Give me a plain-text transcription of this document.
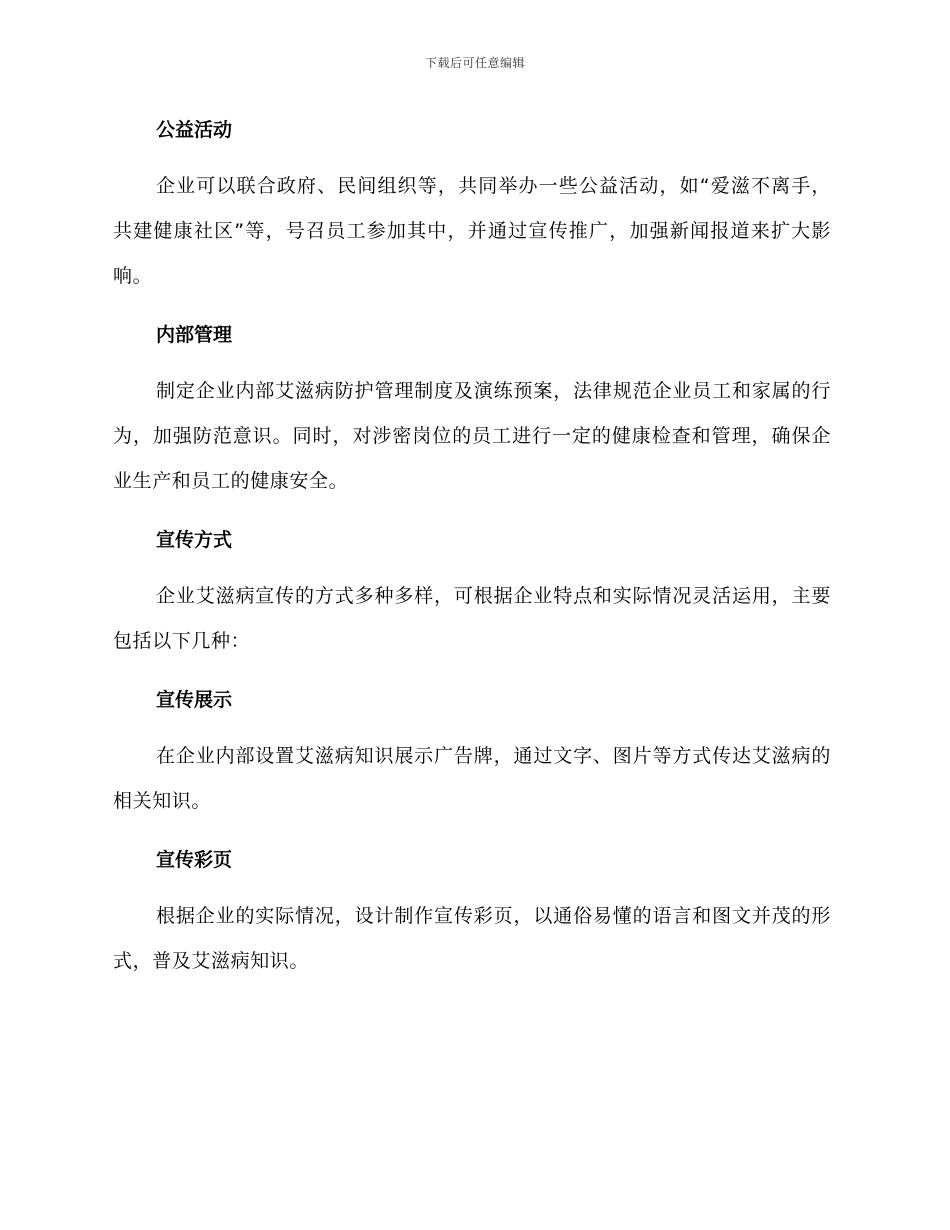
下载后可任意编辑
公益活动

企业可以联合政府、民间组织等，共同举办一些公益活动，如“爱滋不离手，共建健康社区”等，号召员工参加其中，并通过宣传推广，加强新闻报道来扩大影响。

内部管理

制定企业内部艾滋病防护管理制度及演练预案，法律规范企业员工和家属的行为，加强防范意识。同时，对涉密岗位的员工进行一定的健康检查和管理，确保企业生产和员工的健康安全。

宣传方式

企业艾滋病宣传的方式多种多样，可根据企业特点和实际情况灵活运用，主要包括以下几种：

宣传展示

在企业内部设置艾滋病知识展示广告牌，通过文字、图片等方式传达艾滋病的相关知识。

宣传彩页

根据企业的实际情况，设计制作宣传彩页，以通俗易懂的语言和图文并茂的形式，普及艾滋病知识。
